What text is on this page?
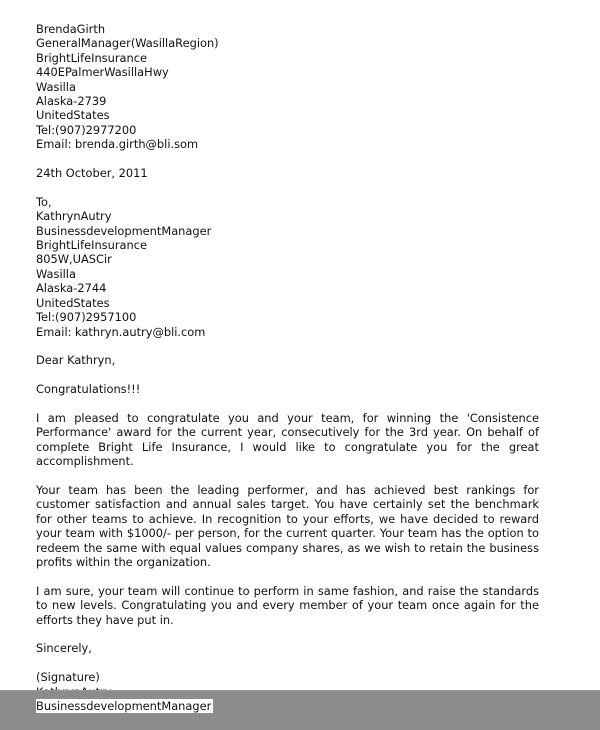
BrendaGirth
GeneralManager(WasillaRegion)
BrightLifeInsurance
440EPalmerWasillaHwy
Wasilla
Alaska-2739
UnitedStates
Tel:(907)2977200
Email: brenda.girth@bli.som
24th October, 2011
To,
KathrynAutry
BusinessdevelopmentManager
BrightLifeInsurance
805W,UASCir
Wasilla
Alaska-2744
UnitedStates
Tel:(907)2957100
Email: kathryn.autry@bli.com
Dear Kathryn,
Congratulations!!!

I am pleased to congratulate you and your team, for winning the 'Consistence Performance' award for the current year, consecutively for the 3rd year. On behalf of complete Bright Life Insurance, I would like to congratulate you for the great accomplishment.

Your team has been the leading performer, and has achieved best rankings for customer satisfaction and annual sales target. You have certainly set the benchmark for other teams to achieve. In recognition to your efforts, we have decided to reward your team with $1000/- per person, for the current quarter. Your team has the option to redeem the same with equal values company shares, as we wish to retain the business profits within the organization.

I am sure, your team will continue to perform in same fashion, and raise the standards to new levels. Congratulating you and every member of your team once again for the efforts they have put in.

Sincerely,
(Signature)
BusinessdevelopmentManager
